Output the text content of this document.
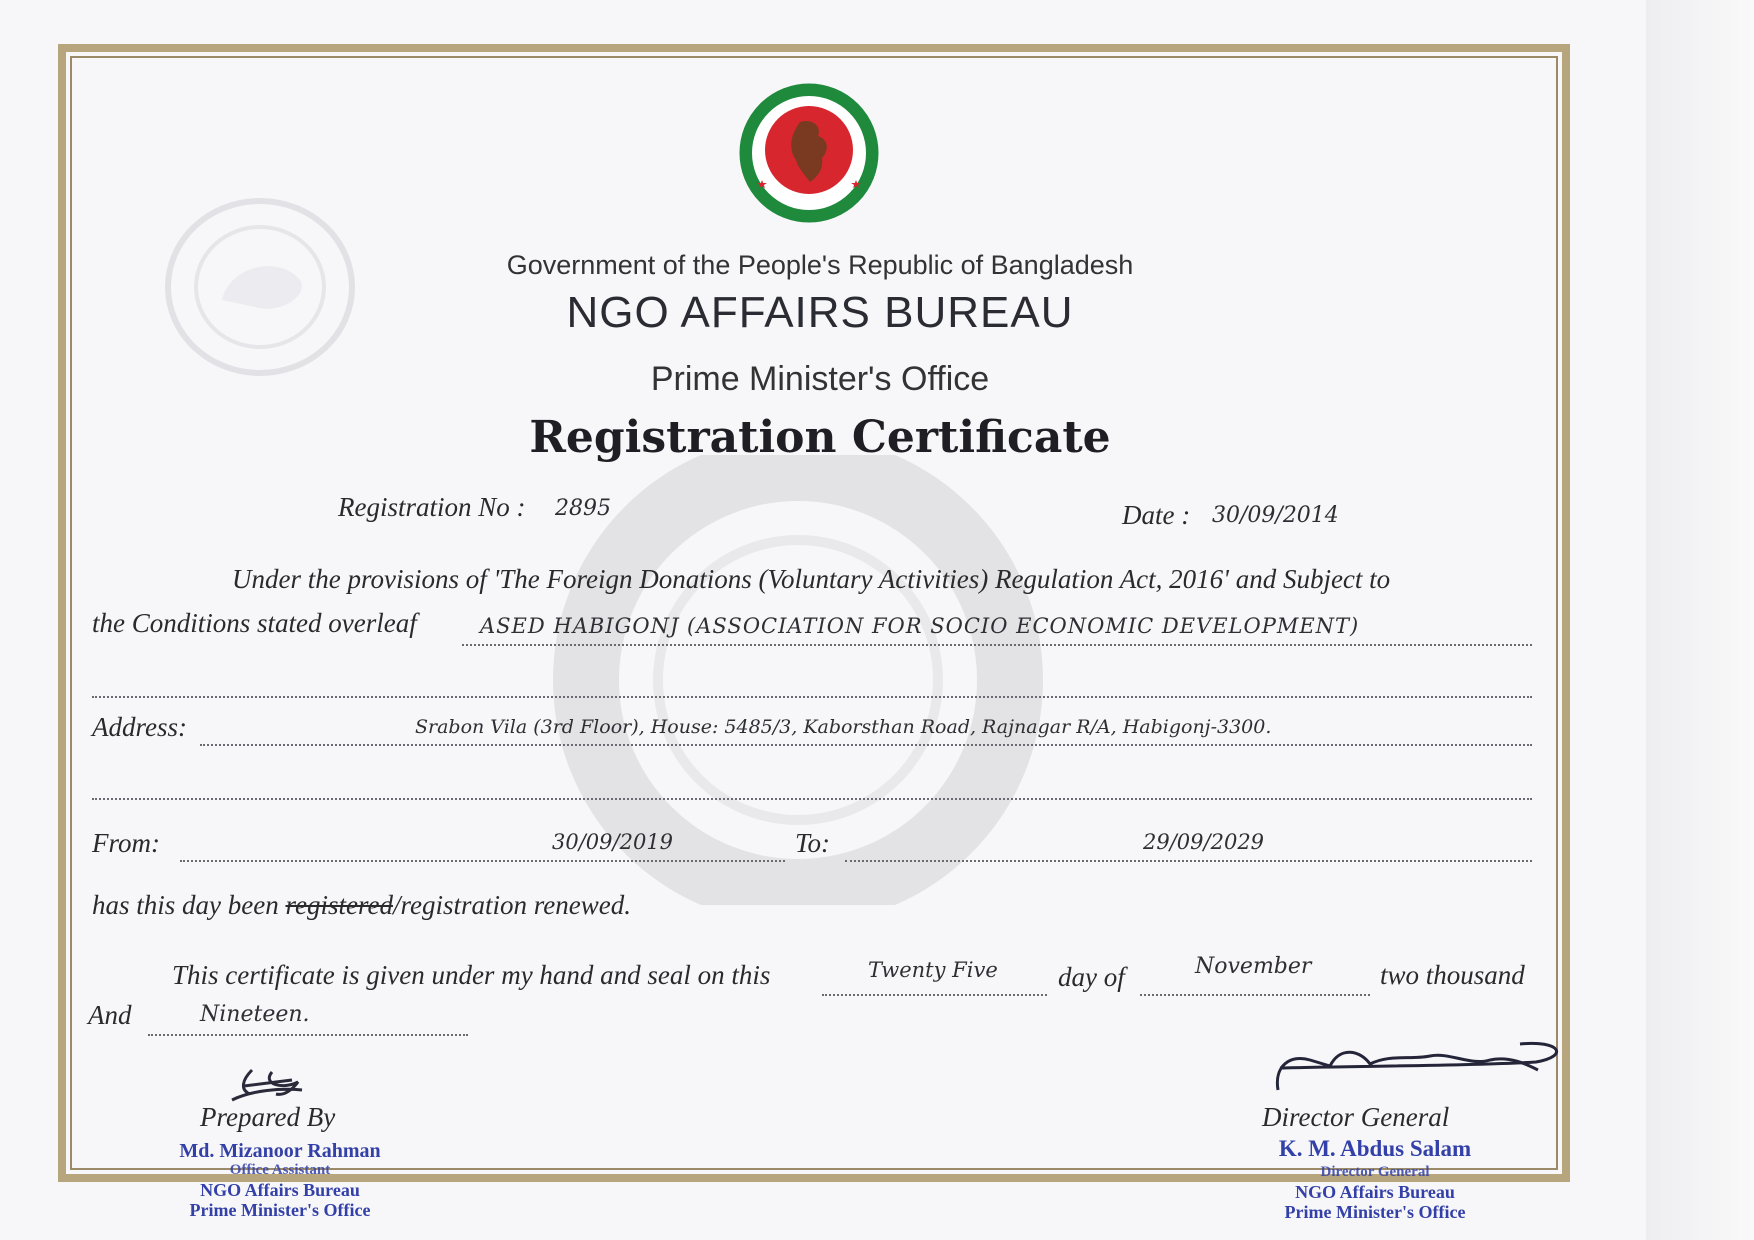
Government of the People's Republic of Bangladesh
NGO AFFAIRS BUREAU
Prime Minister's Office
Registration Certificate
Registration No : 2895	Date : 30/09/2014
Under the provisions of 'The Foreign Donations (Voluntary Activities) Regulation Act, 2016' and Subject to
the Conditions stated overleaf	ASED HABIGONJ (ASSOCIATION FOR SOCIO ECONOMIC DEVELOPMENT)
Address:	Srabon Vila (3rd Floor), House: 5485/3, Kaborsthan Road, Rajnagar R/A, Habigonj-3300.
From:	30/09/2019	To:	29/09/2029
has this day been registered/registration renewed.
This certificate is given under my hand and seal on this	Twenty Five day of	November	two thousand
And	Nineteen.
Prepared By
Md. Mizanoor Rahman
Office Assistant
NGO Affairs Bureau
Prime Minister's Office
Director General
K. M. Abdus Salam
Director General
NGO Affairs Bureau
Prime Minister's Office
